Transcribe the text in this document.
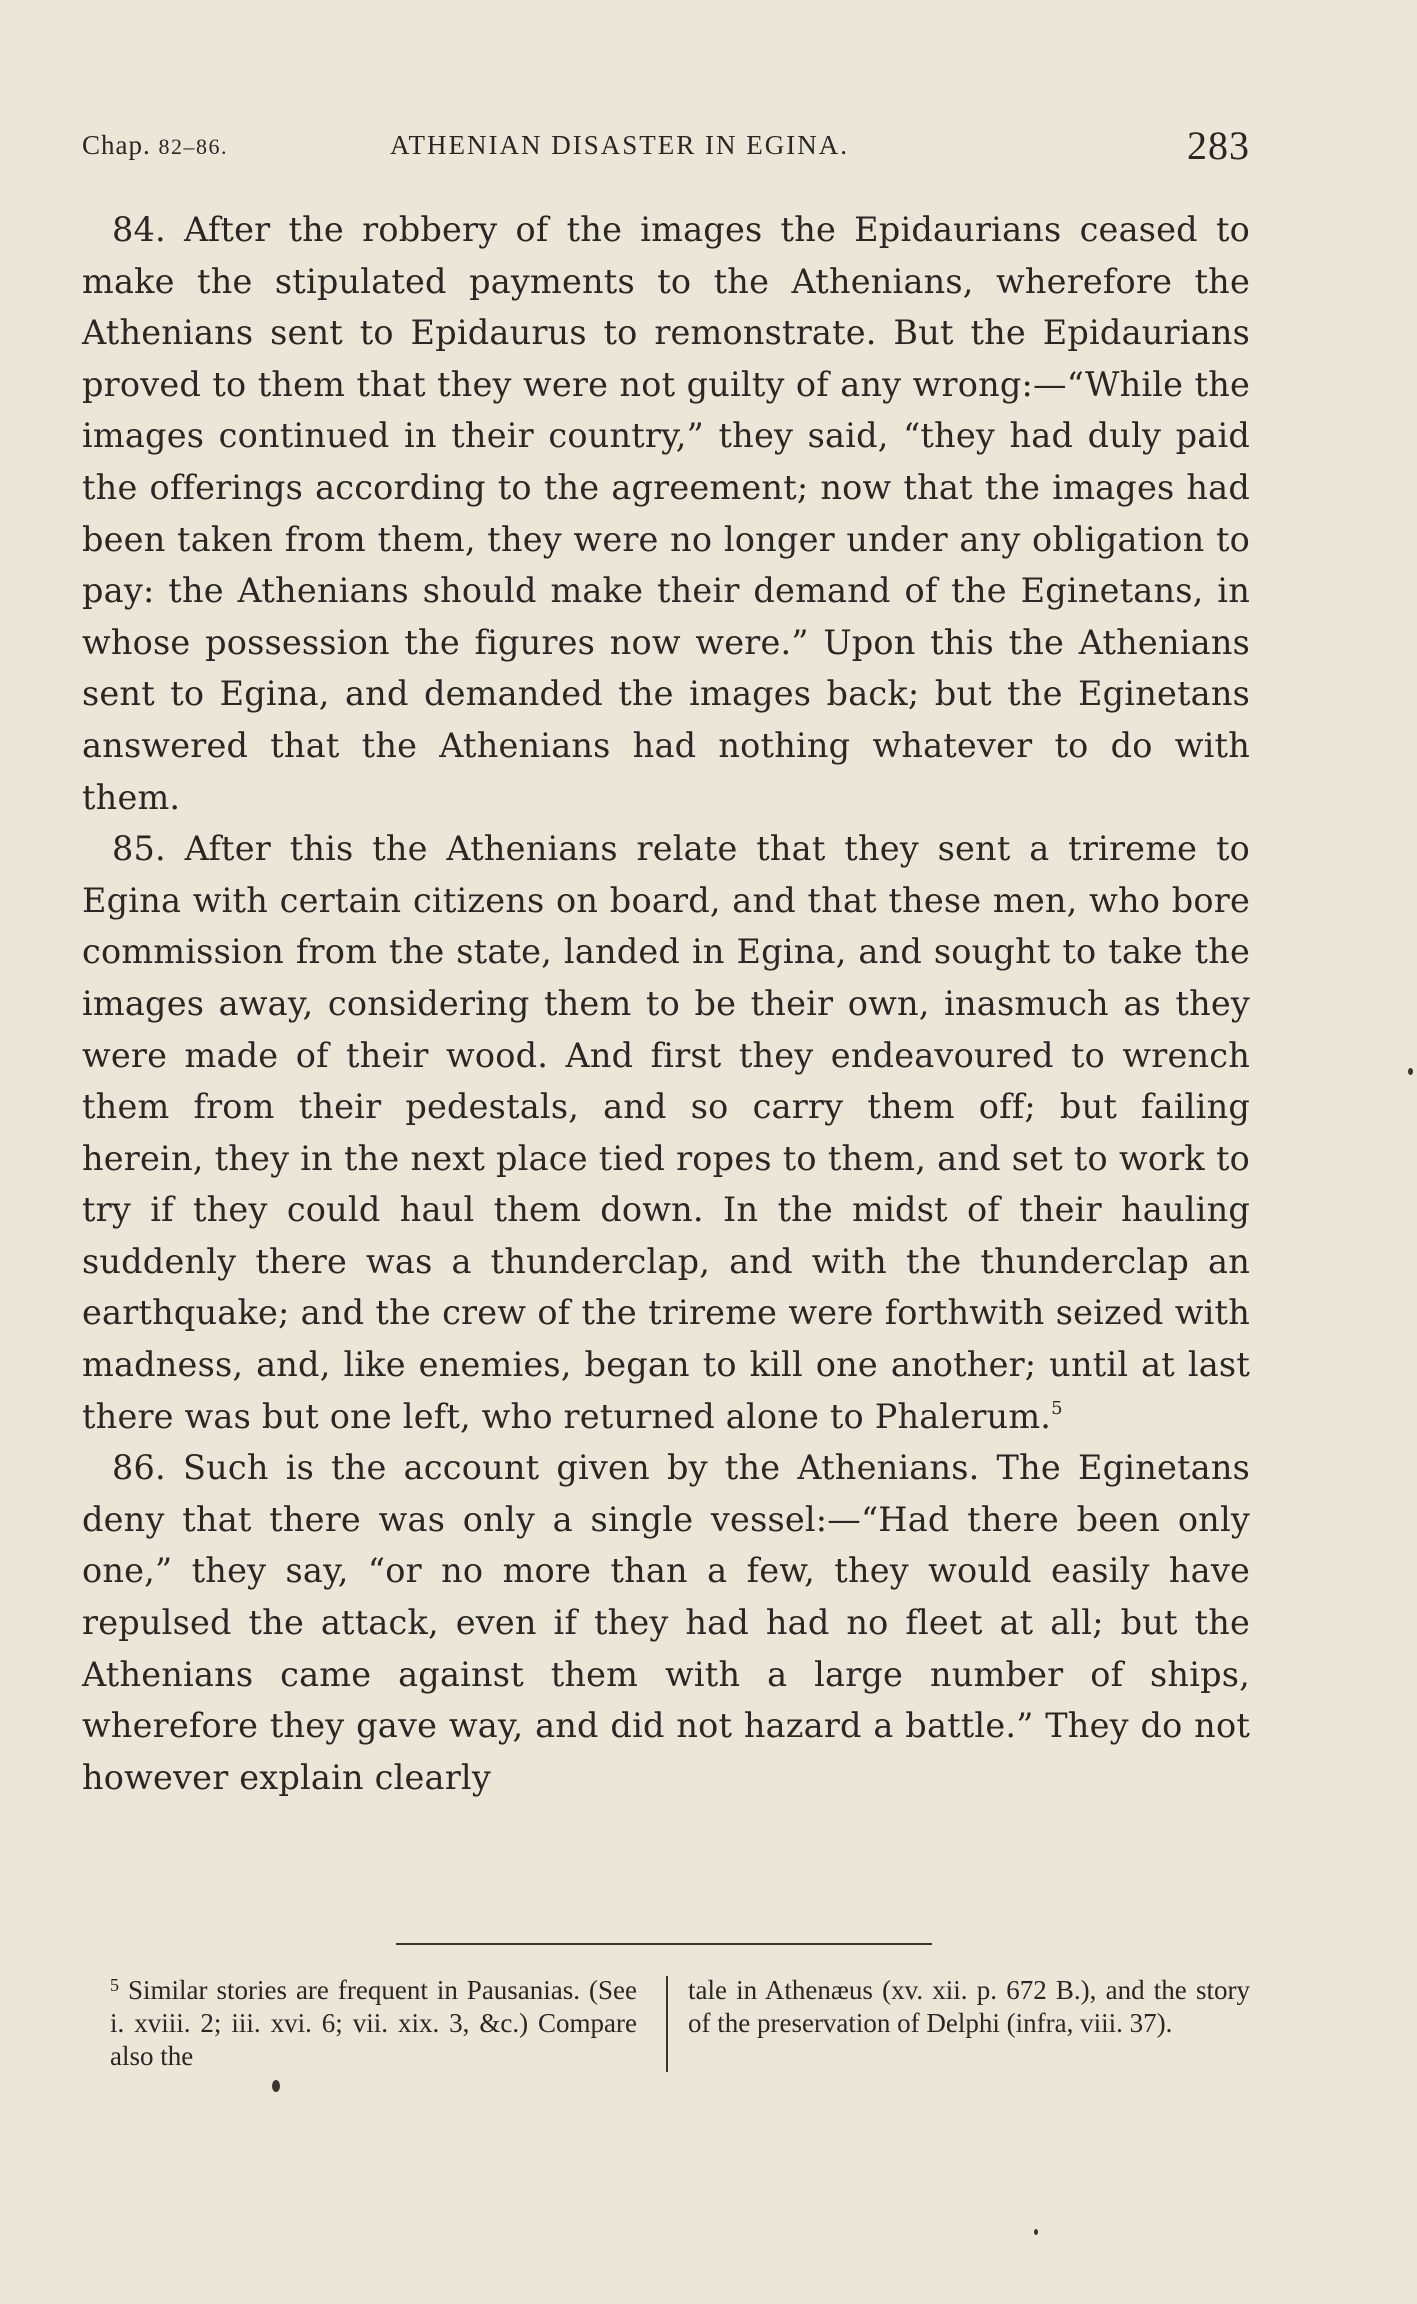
Chap. 82–86.	ATHENIAN DISASTER IN EGINA.	283

84. After the robbery of the images the Epidaurians ceased to make the stipulated payments to the Athenians, wherefore the Athenians sent to Epidaurus to remonstrate. But the Epidaurians proved to them that they were not guilty of any wrong:—“While the images continued in their country,” they said, “they had duly paid the offerings according to the agreement; now that the images had been taken from them, they were no longer under any obligation to pay: the Athenians should make their demand of the Eginetans, in whose possession the figures now were.” Upon this the Athenians sent to Egina, and demanded the images back; but the Eginetans answered that the Athenians had nothing whatever to do with them.

85. After this the Athenians relate that they sent a trireme to Egina with certain citizens on board, and that these men, who bore commission from the state, landed in Egina, and sought to take the images away, considering them to be their own, inasmuch as they were made of their wood. And first they endeavoured to wrench them from their pedestals, and so carry them off; but failing herein, they in the next place tied ropes to them, and set to work to try if they could haul them down. In the midst of their hauling suddenly there was a thunderclap, and with the thunderclap an earthquake; and the crew of the trireme were forthwith seized with madness, and, like enemies, began to kill one another; until at last there was but one left, who returned alone to Phalerum.$^5$

86. Such is the account given by the Athenians. The Eginetans deny that there was only a single vessel:—“Had there been only one,” they say, “or no more than a few, they would easily have repulsed the attack, even if they had had no fleet at all; but the Athenians came against them with a large number of ships, wherefore they gave way, and did not hazard a battle.” They do not however explain clearly

$^5$ Similar stories are frequent in Pausanias. (See i. xviii. 2; iii. xvi. 6; vii. xix. 3, &c.) Compare also the

tale in Athenæus (xv. xii. p. 672 B.), and the story of the preservation of Delphi (infra, viii. 37).
